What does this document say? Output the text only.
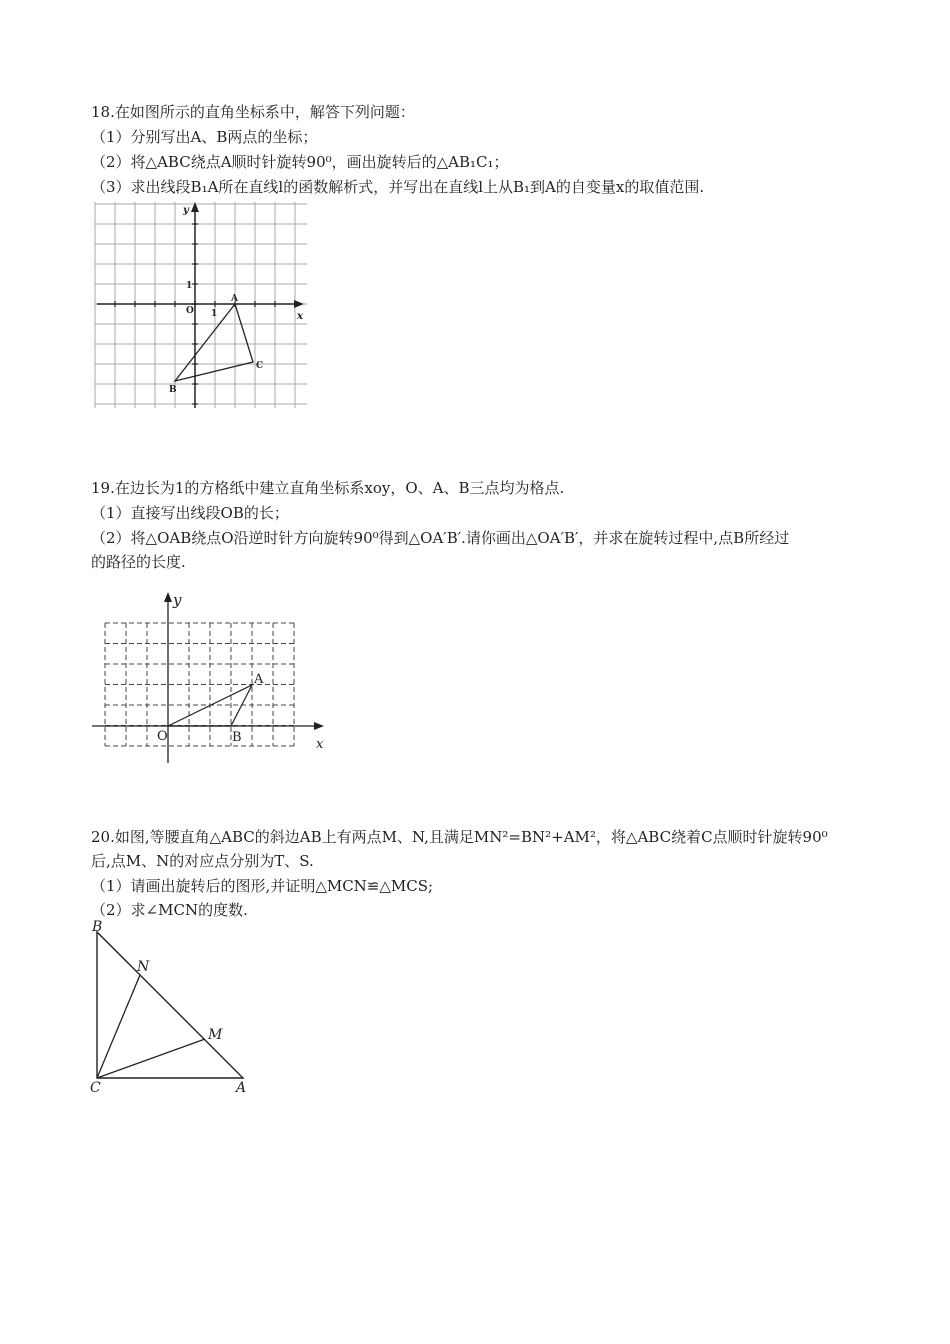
18.在如图所示的直角坐标系中，解答下列问题：
（1）分别写出A、B两点的坐标；
（2）将△ABC绕点A顺时针旋转90⁰，画出旋转后的△AB₁C₁；
（3）求出线段B₁A所在直线l的函数解析式，并写出在直线l上从B₁到A的自变量x的取值范围.
y
x
1
O 1
A
B
C
19.在边长为1的方格纸中建立直角坐标系xoy，O、A、B三点均为格点.
（1）直接写出线段OB的长；
（2）将△OAB绕点O沿逆时针方向旋转90⁰得到△OA′B′.请你画出△OA′B′，并求在旋转过程中,点B所经过
的路径的长度.
y
x
O
A
B
20.如图,等腰直角△ABC的斜边AB上有两点M、N,且满足MN²=BN²+AM²，将△ABC绕着C点顺时针旋转90⁰
后,点M、N的对应点分别为T、S.
（1）请画出旋转后的图形,并证明△MCN≌△MCS;
（2）求∠MCN的度数.
B
N
M
C	A
